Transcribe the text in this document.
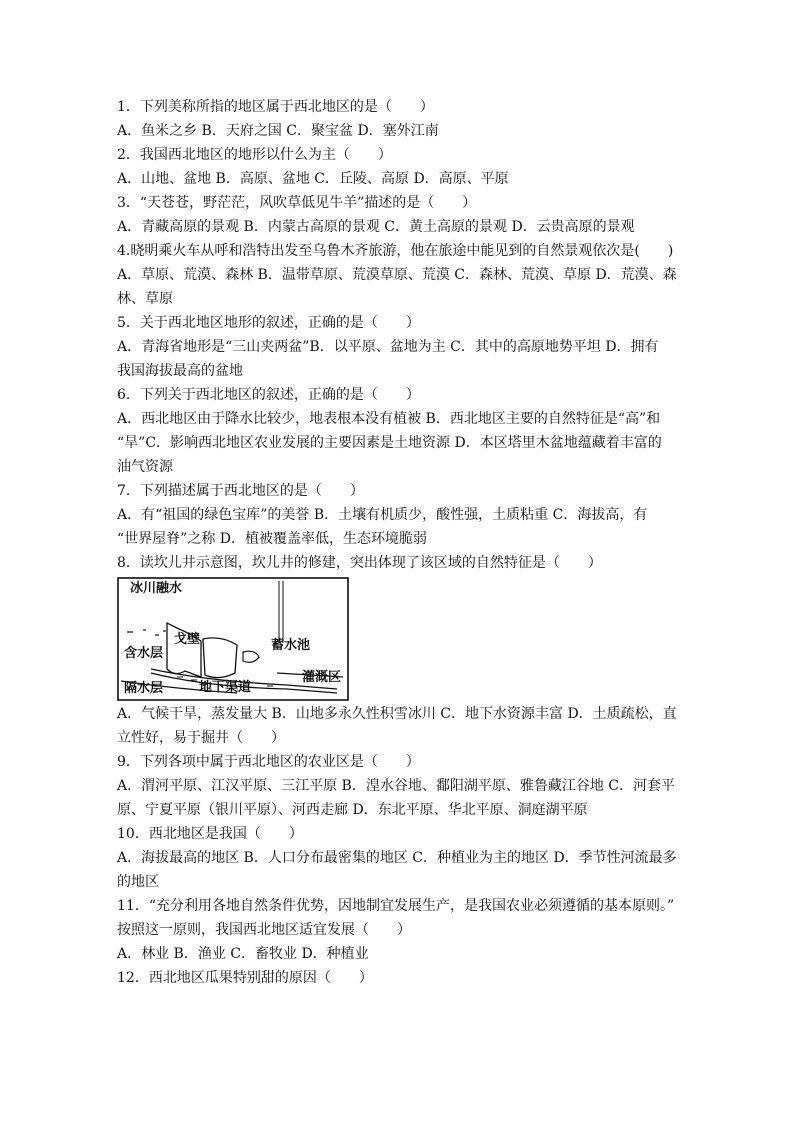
1．下列美称所指的地区属于西北地区的是（　　）
A．鱼米之乡 B．天府之国 C．聚宝盆 D．塞外江南
2．我国西北地区的地形以什么为主（　　）
A．山地、盆地 B．高原、盆地 C．丘陵、高原 D．高原、平原
3．“天苍苍，野茫茫，风吹草低见牛羊”描述的是（　　）
A．青藏高原的景观 B．内蒙古高原的景观 C．黄土高原的景观 D．云贵高原的景观
4.晓明乘火车从呼和浩特出发至乌鲁木齐旅游，他在旅途中能见到的自然景观依次是(　　)
A．草原、荒漠、森林 B．温带草原、荒漠草原、荒漠 C．森林、荒漠、草原 D．荒漠、森
林、草原
5．关于西北地区地形的叙述，正确的是（　　）
A．青海省地形是“三山夹两盆”B．以平原、盆地为主 C．其中的高原地势平坦 D．拥有
我国海拔最高的盆地
6．下列关于西北地区的叙述，正确的是（　　）
A．西北地区由于降水比较少，地表根本没有植被 B．西北地区主要的自然特征是“高”和
“旱”C．影响西北地区农业发展的主要因素是土地资源 D．本区塔里木盆地蕴藏着丰富的
油气资源
7．下列描述属于西北地区的是（　　）
A．有“祖国的绿色宝库”的美誉 B．土壤有机质少，酸性强，土质粘重 C．海拔高，有
“世界屋脊”之称 D．植被覆盖率低，生态环境脆弱
8．读坎儿井示意图，坎儿井的修建，突出体现了该区域的自然特征是（　　）
冰川融水
戈壁	蓄水池
含水层
隔水层	地下渠道
灌溉区
A．气候干旱，蒸发量大 B．山地多永久性积雪冰川 C．地下水资源丰富 D．土质疏松，直
立性好，易于掘井（　　）
9．下列各项中属于西北地区的农业区是（　　）
A．渭河平原、江汉平原、三江平原 B．湟水谷地、鄱阳湖平原、雅鲁藏江谷地 C．河套平
原、宁夏平原（银川平原）、河西走廊 D．东北平原、华北平原、洞庭湖平原
10．西北地区是我国（　　）
A．海拔最高的地区 B．人口分布最密集的地区 C．种植业为主的地区 D．季节性河流最多
的地区
11．“充分利用各地自然条件优势，因地制宜发展生产，是我国农业必须遵循的基本原则。”
按照这一原则，我国西北地区适宜发展（　　）
A．林业 B．渔业 C．畜牧业 D．种植业
12．西北地区瓜果特别甜的原因（　　）
